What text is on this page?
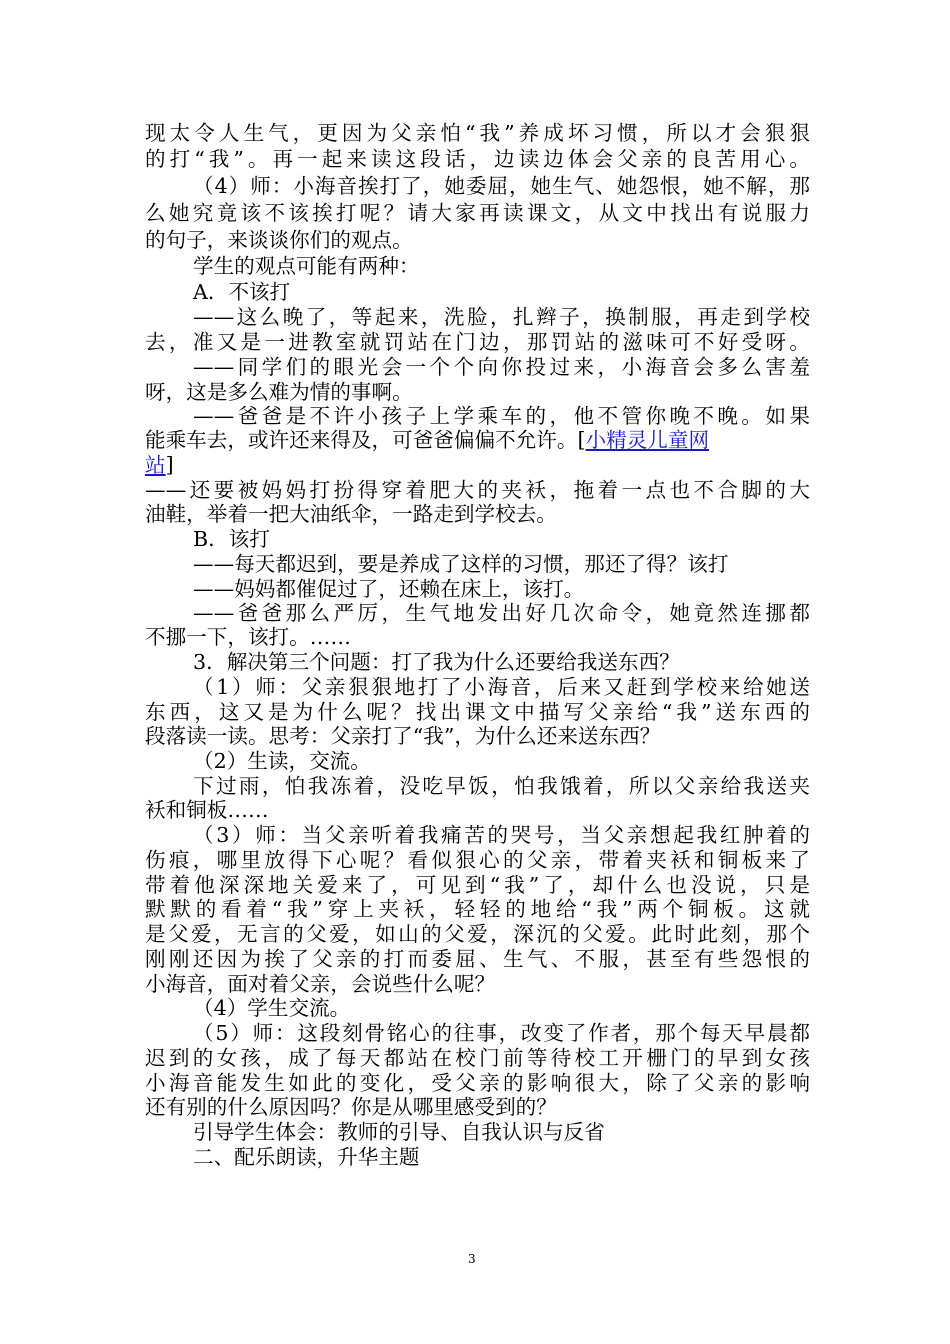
现太令人生气，更因为父亲怕“我”养成坏习惯，所以才会狠狠
的打“我”。再一起来读这段话，边读边体会父亲的良苦用心。
（4）师：小海音挨打了，她委屈，她生气、她怨恨，她不解，那
么她究竟该不该挨打呢？请大家再读课文，从文中找出有说服力
的句子，来谈谈你们的观点。
学生的观点可能有两种：
A．不该打
——这么晚了，等起来，洗脸，扎辫子，换制服，再走到学校
去，准又是一进教室就罚站在门边，那罚站的滋味可不好受呀。
——同学们的眼光会一个个向你投过来，小海音会多么害羞
呀，这是多么难为情的事啊。
——爸爸是不许小孩子上学乘车的，他不管你晚不晚。如果
能乘车去，或许还来得及，可爸爸偏偏不允许。[小精灵儿童网
站]
——还要被妈妈打扮得穿着肥大的夹袄，拖着一点也不合脚的大
油鞋，举着一把大油纸伞，一路走到学校去。
B．该打
——每天都迟到，要是养成了这样的习惯，那还了得？该打
——妈妈都催促过了，还赖在床上，该打。
——爸爸那么严厉，生气地发出好几次命令，她竟然连挪都
不挪一下，该打。……
3．解决第三个问题：打了我为什么还要给我送东西？
（1）师：父亲狠狠地打了小海音，后来又赶到学校来给她送
东西，这又是为什么呢？找出课文中描写父亲给“我”送东西的
段落读一读。思考：父亲打了“我”，为什么还来送东西？
（2）生读，交流。
下过雨，怕我冻着，没吃早饭，怕我饿着，所以父亲给我送夹
袄和铜板……
（3）师：当父亲听着我痛苦的哭号，当父亲想起我红肿着的
伤痕，哪里放得下心呢？看似狠心的父亲，带着夹袄和铜板来了
带着他深深地关爱来了，可见到“我”了，却什么也没说，只是
默默的看着“我”穿上夹袄，轻轻的地给“我”两个铜板。这就
是父爱，无言的父爱，如山的父爱，深沉的父爱。此时此刻，那个
刚刚还因为挨了父亲的打而委屈、生气、不服，甚至有些怨恨的
小海音，面对着父亲，会说些什么呢？
（4）学生交流。
（5）师：这段刻骨铭心的往事，改变了作者，那个每天早晨都
迟到的女孩，成了每天都站在校门前等待校工开栅门的早到女孩
小海音能发生如此的变化，受父亲的影响很大，除了父亲的影响
还有别的什么原因吗？你是从哪里感受到的？
引导学生体会：教师的引导、自我认识与反省
二、配乐朗读，升华主题
3
